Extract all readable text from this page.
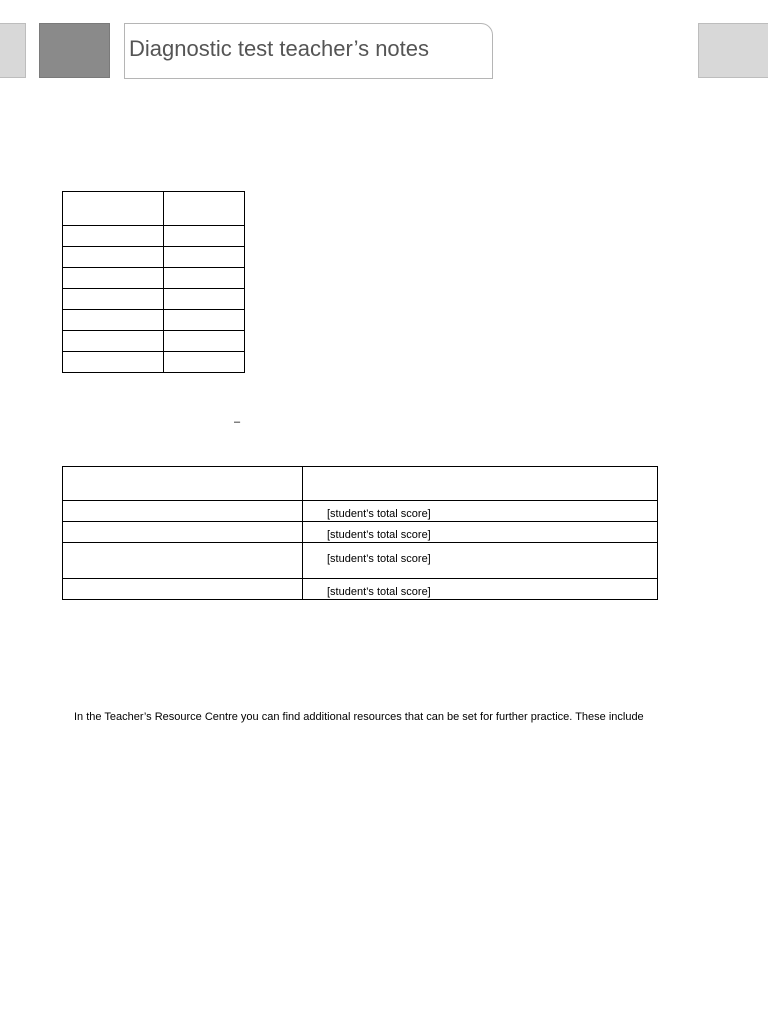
Diagnostic test teacher’s notes

–

	[student’s total score]
	[student’s total score]
	[student’s total score]
	[student’s total score]

In the Teacher’s Resource Centre you can find additional resources that can be set for further practice. These include
